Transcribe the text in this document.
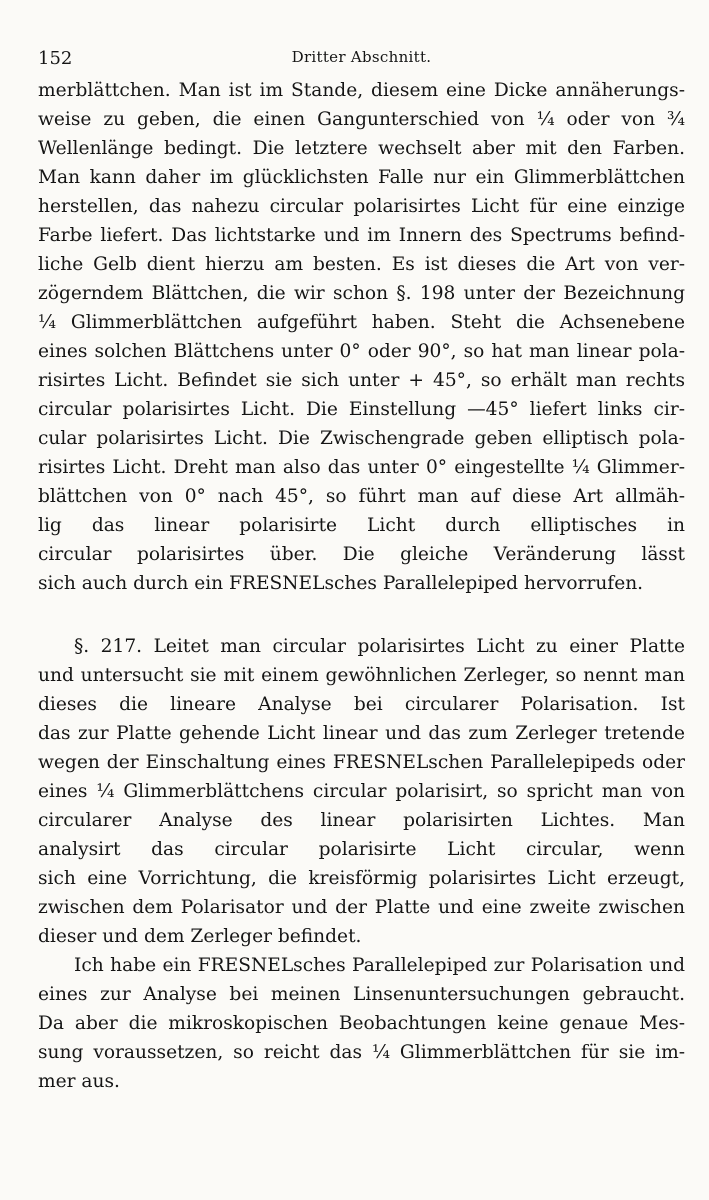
152	Dritter Abschnitt.
merblättchen. Man ist im Stande, diesem eine Dicke annäherungs-
weise zu geben, die einen Gangunterschied von ¼ oder von ¾
Wellenlänge bedingt. Die letztere wechselt aber mit den Farben.
Man kann daher im glücklichsten Falle nur ein Glimmerblättchen
herstellen, das nahezu circular polarisirtes Licht für eine einzige
Farbe liefert. Das lichtstarke und im Innern des Spectrums befind-
liche Gelb dient hierzu am besten. Es ist dieses die Art von ver-
zögerndem Blättchen, die wir schon §. 198 unter der Bezeichnung
¼ Glimmerblättchen aufgeführt haben. Steht die Achsenebene
eines solchen Blättchens unter 0° oder 90°, so hat man linear pola-
risirtes Licht. Befindet sie sich unter + 45°, so erhält man rechts
circular polarisirtes Licht. Die Einstellung —45° liefert links cir-
cular polarisirtes Licht. Die Zwischengrade geben elliptisch pola-
risirtes Licht. Dreht man also das unter 0° eingestellte ¼ Glimmer-
blättchen von 0° nach 45°, so führt man auf diese Art allmäh-
lig das linear polarisirte Licht durch elliptisches in
circular polarisirtes über. Die gleiche Veränderung lässt
sich auch durch ein FRESNELsches Parallelepiped hervorrufen.
§. 217. Leitet man circular polarisirtes Licht zu einer Platte
und untersucht sie mit einem gewöhnlichen Zerleger, so nennt man
dieses die lineare Analyse bei circularer Polarisation. Ist
das zur Platte gehende Licht linear und das zum Zerleger tretende
wegen der Einschaltung eines FRESNELschen Parallelepipeds oder
eines ¼ Glimmerblättchens circular polarisirt, so spricht man von
circularer Analyse des linear polarisirten Lichtes. Man
analysirt das circular polarisirte Licht circular, wenn
sich eine Vorrichtung, die kreisförmig polarisirtes Licht erzeugt,
zwischen dem Polarisator und der Platte und eine zweite zwischen
dieser und dem Zerleger befindet.
Ich habe ein FRESNELsches Parallelepiped zur Polarisation und
eines zur Analyse bei meinen Linsenuntersuchungen gebraucht.
Da aber die mikroskopischen Beobachtungen keine genaue Mes-
sung voraussetzen, so reicht das ¼ Glimmerblättchen für sie im-
mer aus.
